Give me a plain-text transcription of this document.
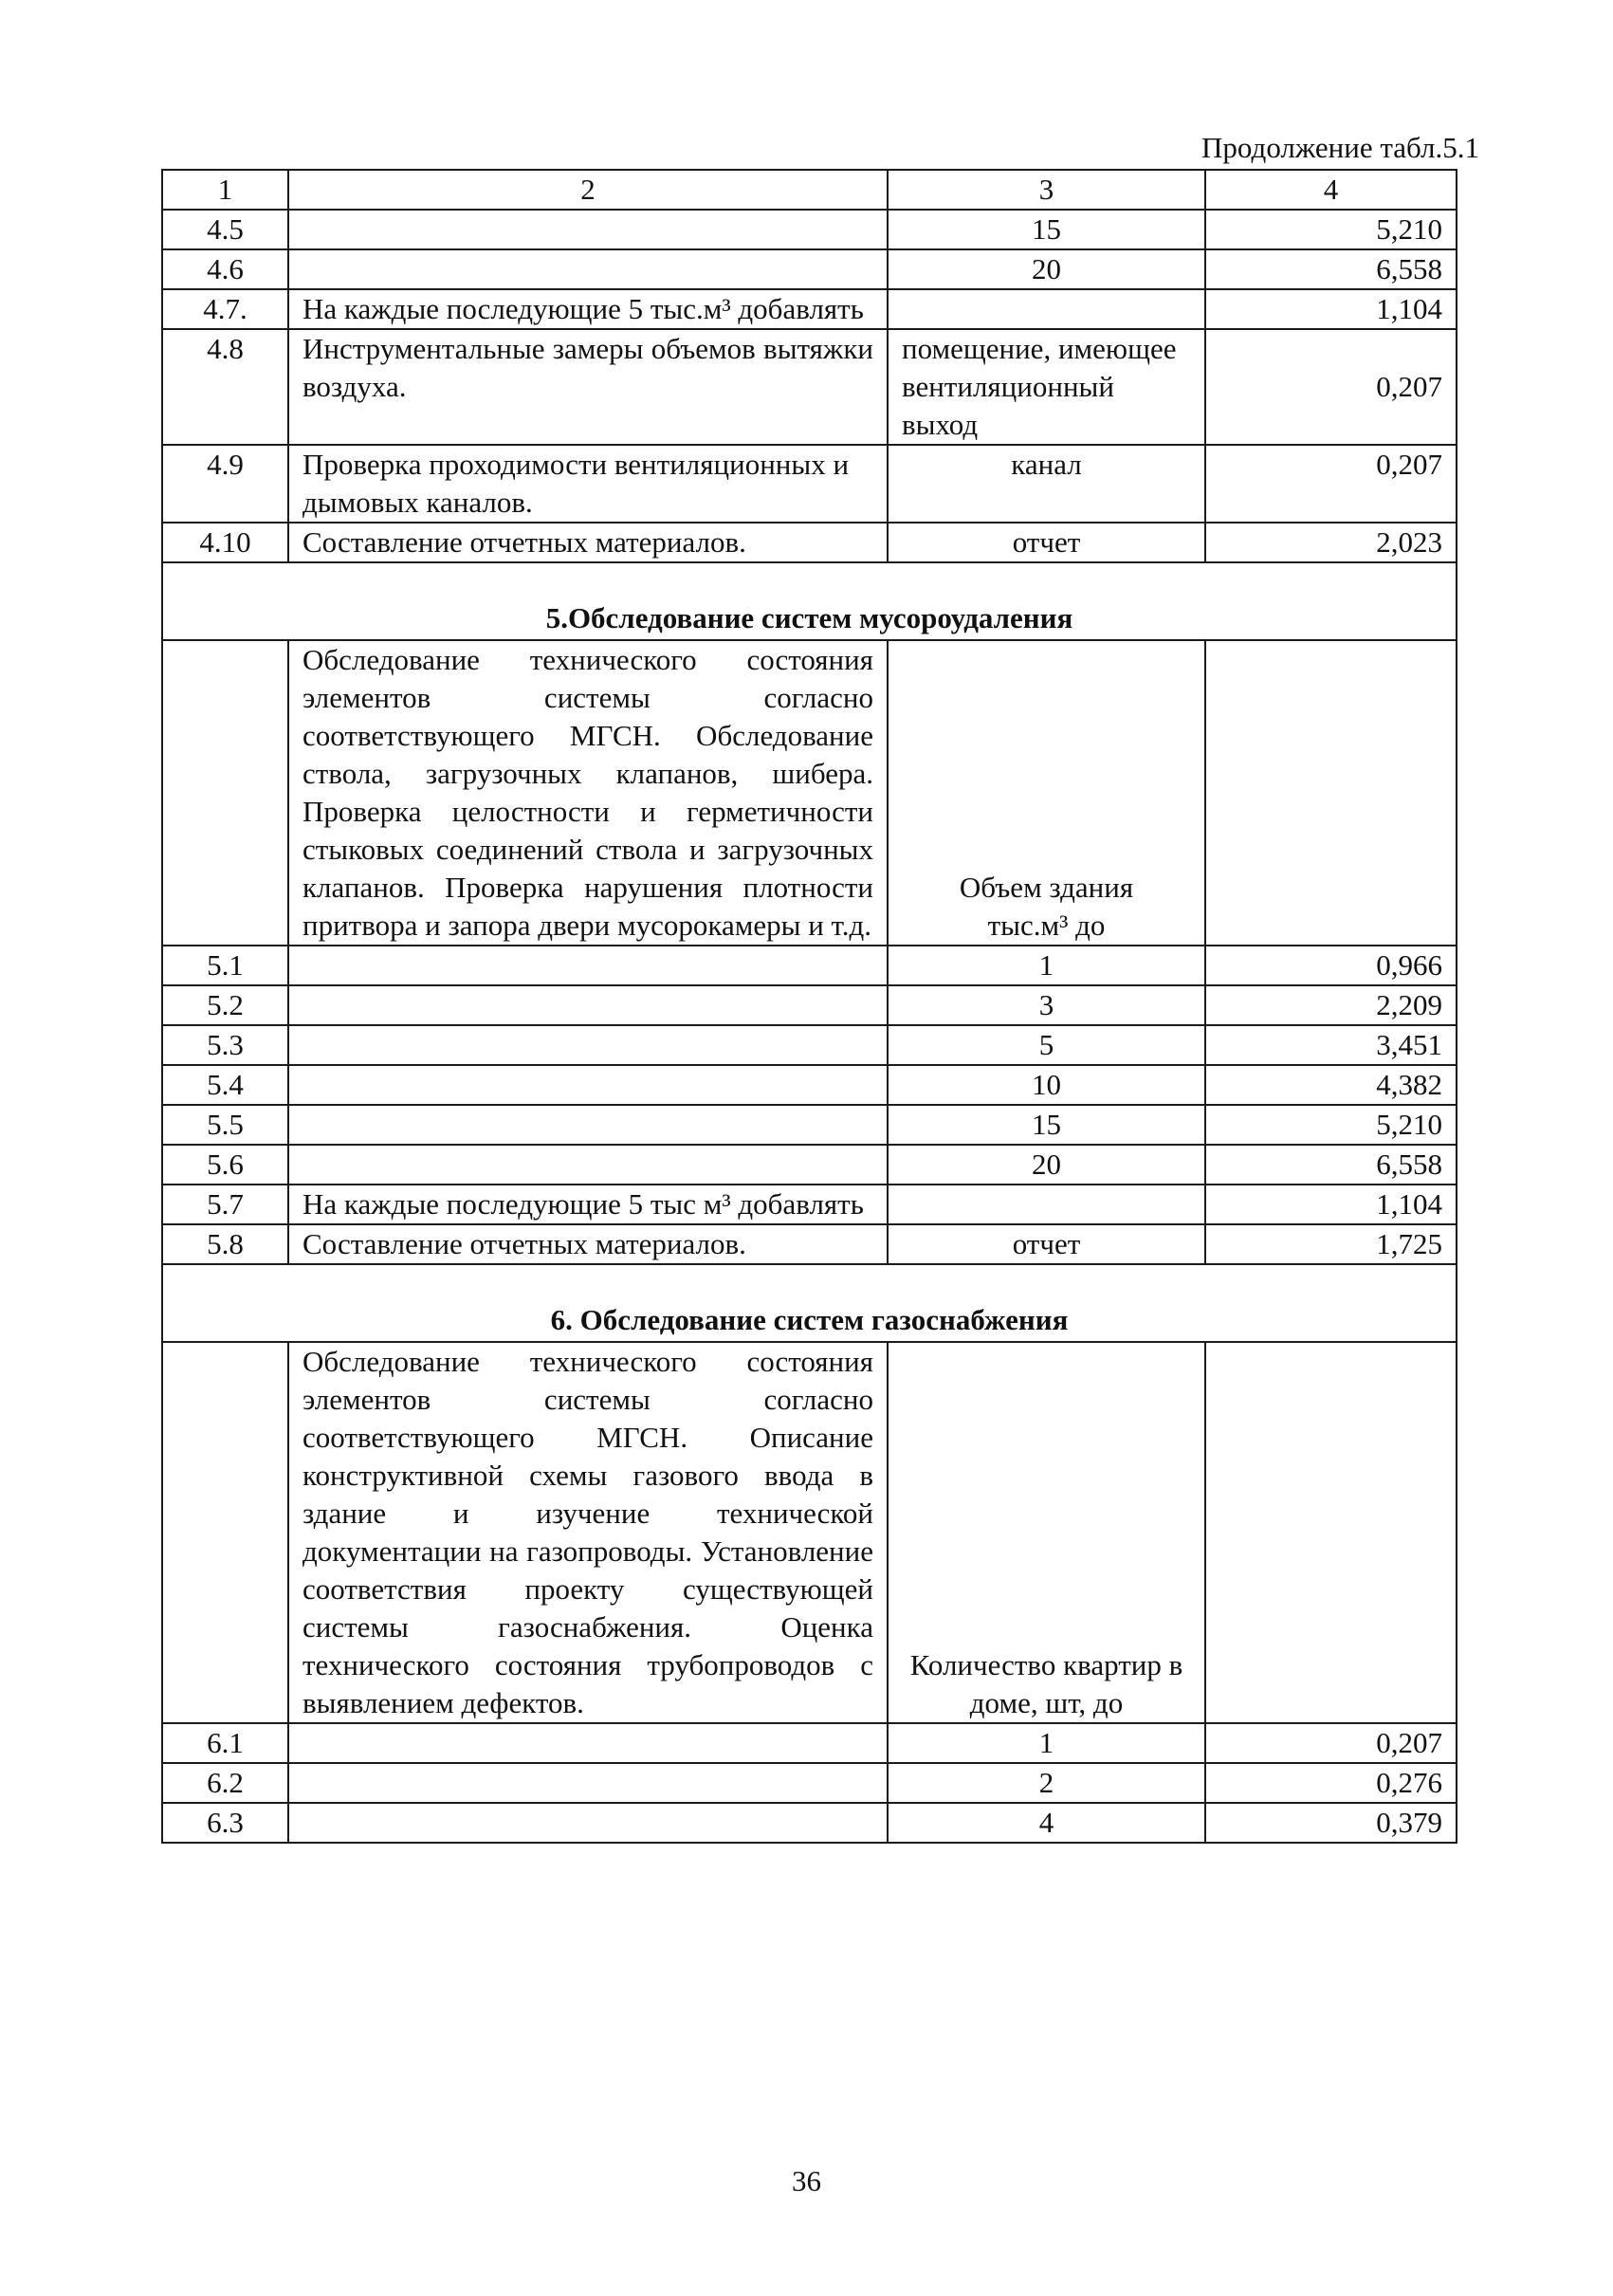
Продолжение табл.5.1
1	2	3	4
4.5		15	5,210
4.6		20	6,558
4.7.	На каждые последующие 5 тыс.м³ добавлять		1,104
4.8	Инструментальные замеры объемов вытяжки воздуха.	помещение, имеющее вентиляционный выход	0,207
4.9	Проверка проходимости вентиляционных и дымовых каналов.	канал	0,207
4.10	Составление отчетных материалов.	отчет	2,023
5.Обследование систем мусороудаления			
	Обследование технического состояния элементов системы согласно соответствующего МГСН. Обследование ствола, загрузочных клапанов, шибера. Проверка целостности и герметичности стыковых соединений ствола и загрузочных клапанов. Проверка нарушения плотности притвора и запора двери мусорокамеры и т.д.	Объем здания тыс.м³ до	
5.1		1	0,966
5.2		3	2,209
5.3		5	3,451
5.4		10	4,382
5.5		15	5,210
5.6		20	6,558
5.7	На каждые последующие 5 тыс м³ добавлять		1,104
5.8	Составление отчетных материалов.	отчет	1,725
6. Обследование систем газоснабжения			
	Обследование технического состояния элементов системы согласно соответствующего МГСН. Описание конструктивной схемы газового ввода в здание и изучение технической документации на газопроводы. Установление соответствия проекту существующей системы газоснабжения. Оценка технического состояния трубопроводов с выявлением дефектов.	Количество квартир в доме, шт, до	
6.1		1	0,207
6.2		2	0,276
6.3		4	0,379
36
